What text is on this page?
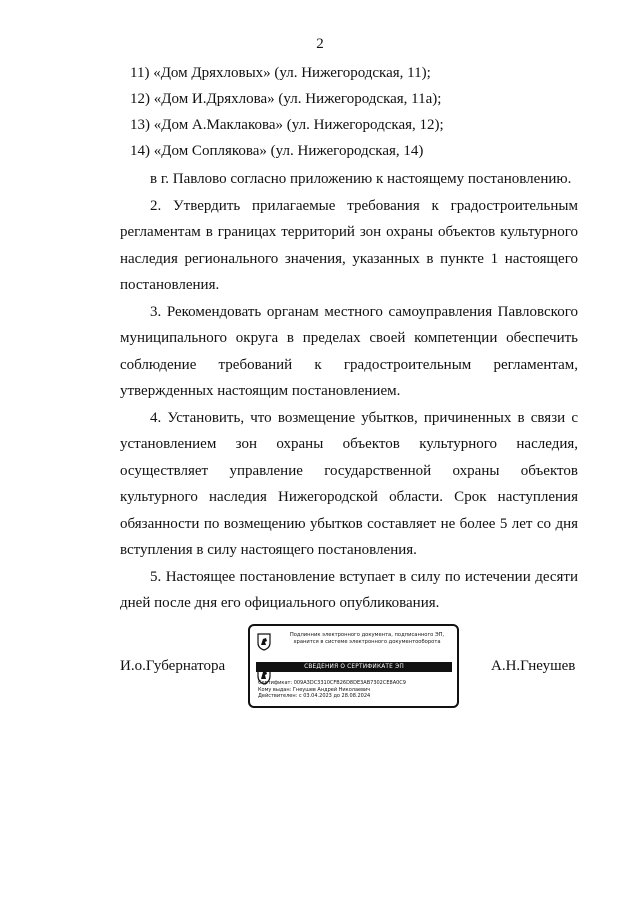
2
11) «Дом Дряхловых» (ул. Нижегородская, 11);
12) «Дом И.Дряхлова» (ул. Нижегородская, 11а);
13) «Дом А.Маклакова» (ул. Нижегородская, 12);
14) «Дом Соплякова» (ул. Нижегородская, 14)

в г. Павлово согласно приложению к настоящему постановлению.

2. Утвердить прилагаемые требования к градостроительным регламентам в границах территорий зон охраны объектов культурного наследия регионального значения, указанных в пункте 1 настоящего постановления.

3. Рекомендовать органам местного самоуправления Павловского муниципального округа в пределах своей компетенции обеспечить соблюдение требований к градостроительным регламентам, утвержденных настоящим постановлением.

4. Установить, что возмещение убытков, причиненных в связи с установлением зон охраны объектов культурного наследия, осуществляет управление государственной охраны объектов культурного наследия Нижегородской области. Срок наступления обязанности по возмещению убытков составляет не более 5 лет со дня вступления в силу настоящего постановления.

5. Настоящее постановление вступает в силу по истечении десяти дней после дня его официального опубликования.

И.о.Губернатора	А.Н.Гнеушев
Подлинник электронного документа, подписанного ЭП, хранится в системе электронного документооборота
СВЕДЕНИЯ О СЕРТИФИКАТЕ ЭП
Сертификат: 009A3DC3310CFB26D8DE3AB7302CE8A0C9
Кому выдан: Гнеушев Андрей Николаевич
Действителен: с 03.04.2023 до 28.08.2024
